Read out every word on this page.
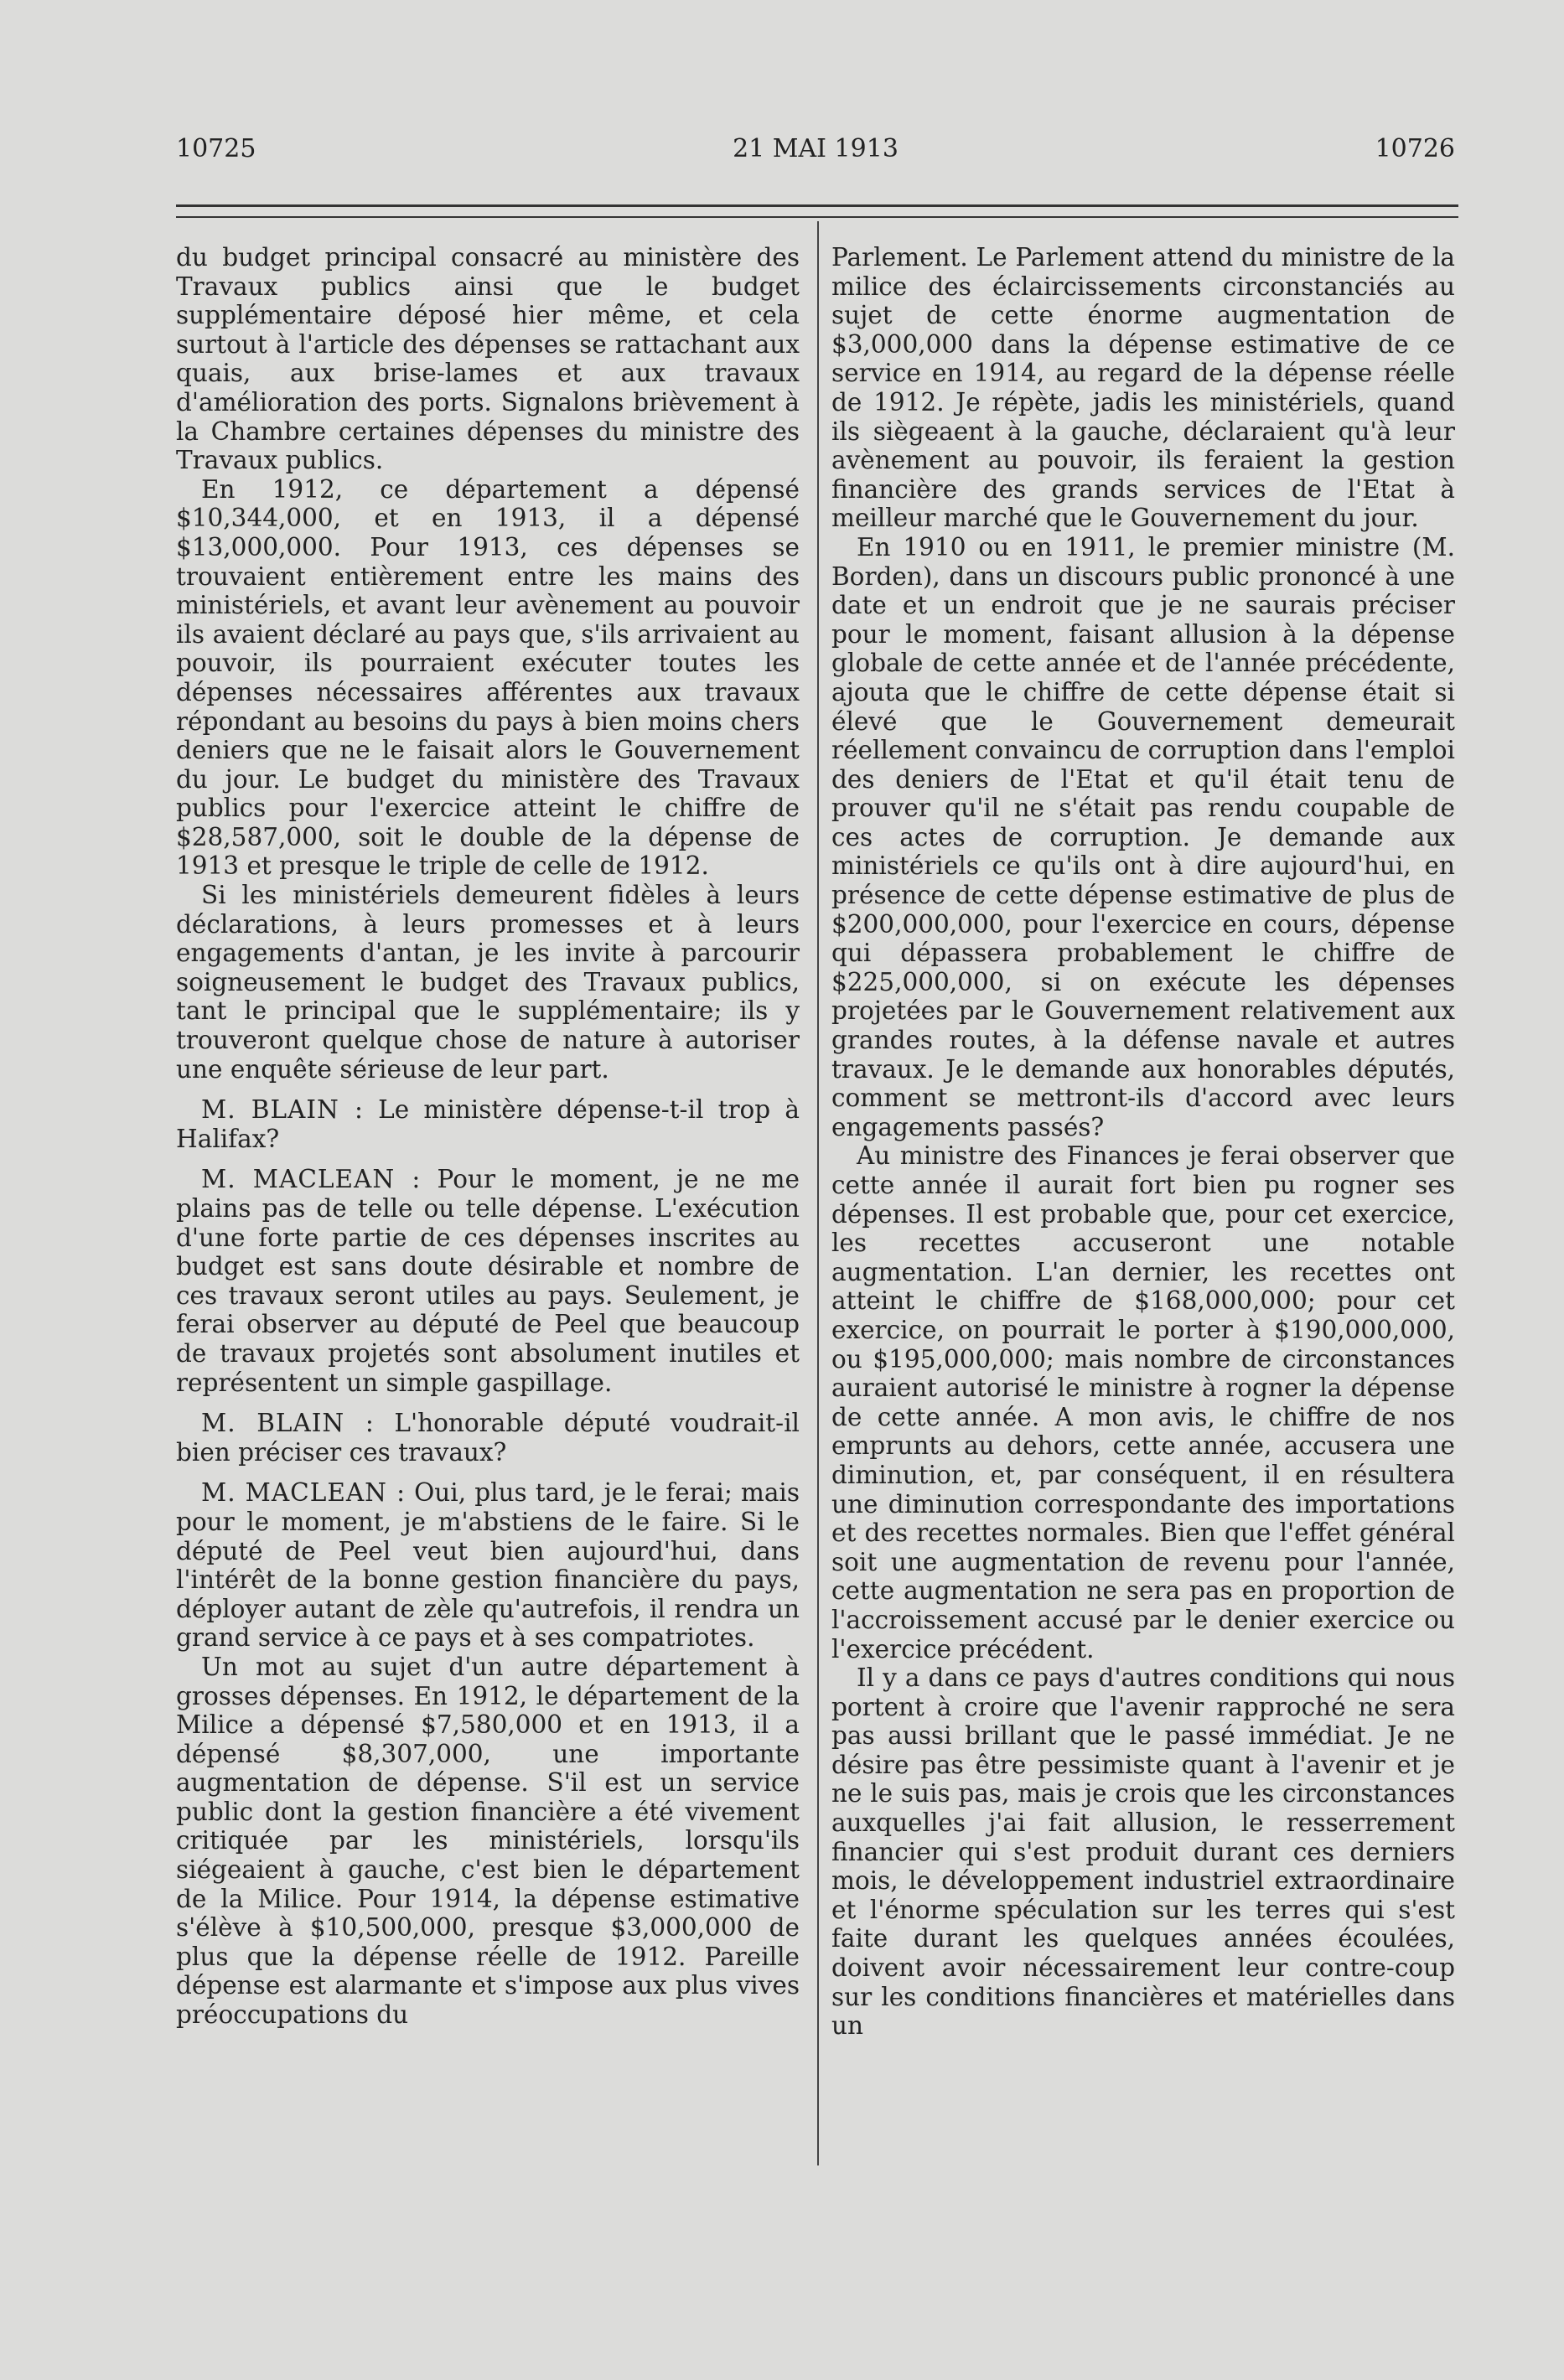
10725	21 MAI 1913	10726

du budget principal consacré au ministère des Travaux publics ainsi que le budget supplémentaire déposé hier même, et cela surtout à l'article des dépenses se rattachant aux quais, aux brise-lames et aux travaux d'amélioration des ports. Signalons brièvement à la Chambre certaines dépenses du ministre des Travaux publics.

En 1912, ce département a dépensé $10,344,000, et en 1913, il a dépensé $13,000,000. Pour 1913, ces dépenses se trouvaient entièrement entre les mains des ministériels, et avant leur avènement au pouvoir ils avaient déclaré au pays que, s'ils arrivaient au pouvoir, ils pourraient exécuter toutes les dépenses nécessaires afférentes aux travaux répondant au besoins du pays à bien moins chers deniers que ne le faisait alors le Gouvernement du jour. Le budget du ministère des Travaux publics pour l'exercice atteint le chiffre de $28,587,000, soit le double de la dépense de 1913 et presque le triple de celle de 1912.

Si les ministériels demeurent fidèles à leurs déclarations, à leurs promesses et à leurs engagements d'antan, je les invite à parcourir soigneusement le budget des Travaux publics, tant le principal que le supplémentaire; ils y trouveront quelque chose de nature à autoriser une enquête sérieuse de leur part.

M. BLAIN : Le ministère dépense-t-il trop à Halifax?

M. MACLEAN : Pour le moment, je ne me plains pas de telle ou telle dépense. L'exécution d'une forte partie de ces dépenses inscrites au budget est sans doute désirable et nombre de ces travaux seront utiles au pays. Seulement, je ferai observer au député de Peel que beaucoup de travaux projetés sont absolument inutiles et représentent un simple gaspillage.

M. BLAIN : L'honorable député voudrait-il bien préciser ces travaux?

M. MACLEAN : Oui, plus tard, je le ferai; mais pour le moment, je m'abstiens de le faire. Si le député de Peel veut bien aujourd'hui, dans l'intérêt de la bonne gestion financière du pays, déployer autant de zèle qu'autrefois, il rendra un grand service à ce pays et à ses compatriotes.

Un mot au sujet d'un autre département à grosses dépenses. En 1912, le département de la Milice a dépensé $7,580,000 et en 1913, il a dépensé $8,307,000, une importante augmentation de dépense. S'il est un service public dont la gestion financière a été vivement critiquée par les ministériels, lorsqu'ils siégeaient à gauche, c'est bien le département de la Milice. Pour 1914, la dépense estimative s'élève à $10,500,000, presque $3,000,000 de plus que la dépense réelle de 1912. Pareille dépense est alarmante et s'impose aux plus vives préoccupations du

Parlement. Le Parlement attend du ministre de la milice des éclaircissements circonstanciés au sujet de cette énorme augmentation de $3,000,000 dans la dépense estimative de ce service en 1914, au regard de la dépense réelle de 1912. Je répète, jadis les ministériels, quand ils siègeaent à la gauche, déclaraient qu'à leur avènement au pouvoir, ils feraient la gestion financière des grands services de l'Etat à meilleur marché que le Gouvernement du jour.

En 1910 ou en 1911, le premier ministre (M. Borden), dans un discours public prononcé à une date et un endroit que je ne saurais préciser pour le moment, faisant allusion à la dépense globale de cette année et de l'année précédente, ajouta que le chiffre de cette dépense était si élevé que le Gouvernement demeurait réellement convaincu de corruption dans l'emploi des deniers de l'Etat et qu'il était tenu de prouver qu'il ne s'était pas rendu coupable de ces actes de corruption. Je demande aux ministériels ce qu'ils ont à dire aujourd'hui, en présence de cette dépense estimative de plus de $200,000,000, pour l'exercice en cours, dépense qui dépassera probablement le chiffre de $225,000,000, si on exécute les dépenses projetées par le Gouvernement relativement aux grandes routes, à la défense navale et autres travaux. Je le demande aux honorables députés, comment se mettront-ils d'accord avec leurs engagements passés?

Au ministre des Finances je ferai observer que cette année il aurait fort bien pu rogner ses dépenses. Il est probable que, pour cet exercice, les recettes accuseront une notable augmentation. L'an dernier, les recettes ont atteint le chiffre de $168,000,000; pour cet exercice, on pourrait le porter à $190,000,000, ou $195,000,000; mais nombre de circonstances auraient autorisé le ministre à rogner la dépense de cette année. A mon avis, le chiffre de nos emprunts au dehors, cette année, accusera une diminution, et, par conséquent, il en résultera une diminution correspondante des importations et des recettes normales. Bien que l'effet général soit une augmentation de revenu pour l'année, cette augmentation ne sera pas en proportion de l'accroissement accusé par le denier exercice ou l'exercice précédent.

Il y a dans ce pays d'autres conditions qui nous portent à croire que l'avenir rapproché ne sera pas aussi brillant que le passé immédiat. Je ne désire pas être pessimiste quant à l'avenir et je ne le suis pas, mais je crois que les circonstances auxquelles j'ai fait allusion, le resserrement financier qui s'est produit durant ces derniers mois, le développement industriel extraordinaire et l'énorme spéculation sur les terres qui s'est faite durant les quelques années écoulées, doivent avoir nécessairement leur contre-coup sur les conditions financières et matérielles dans un
